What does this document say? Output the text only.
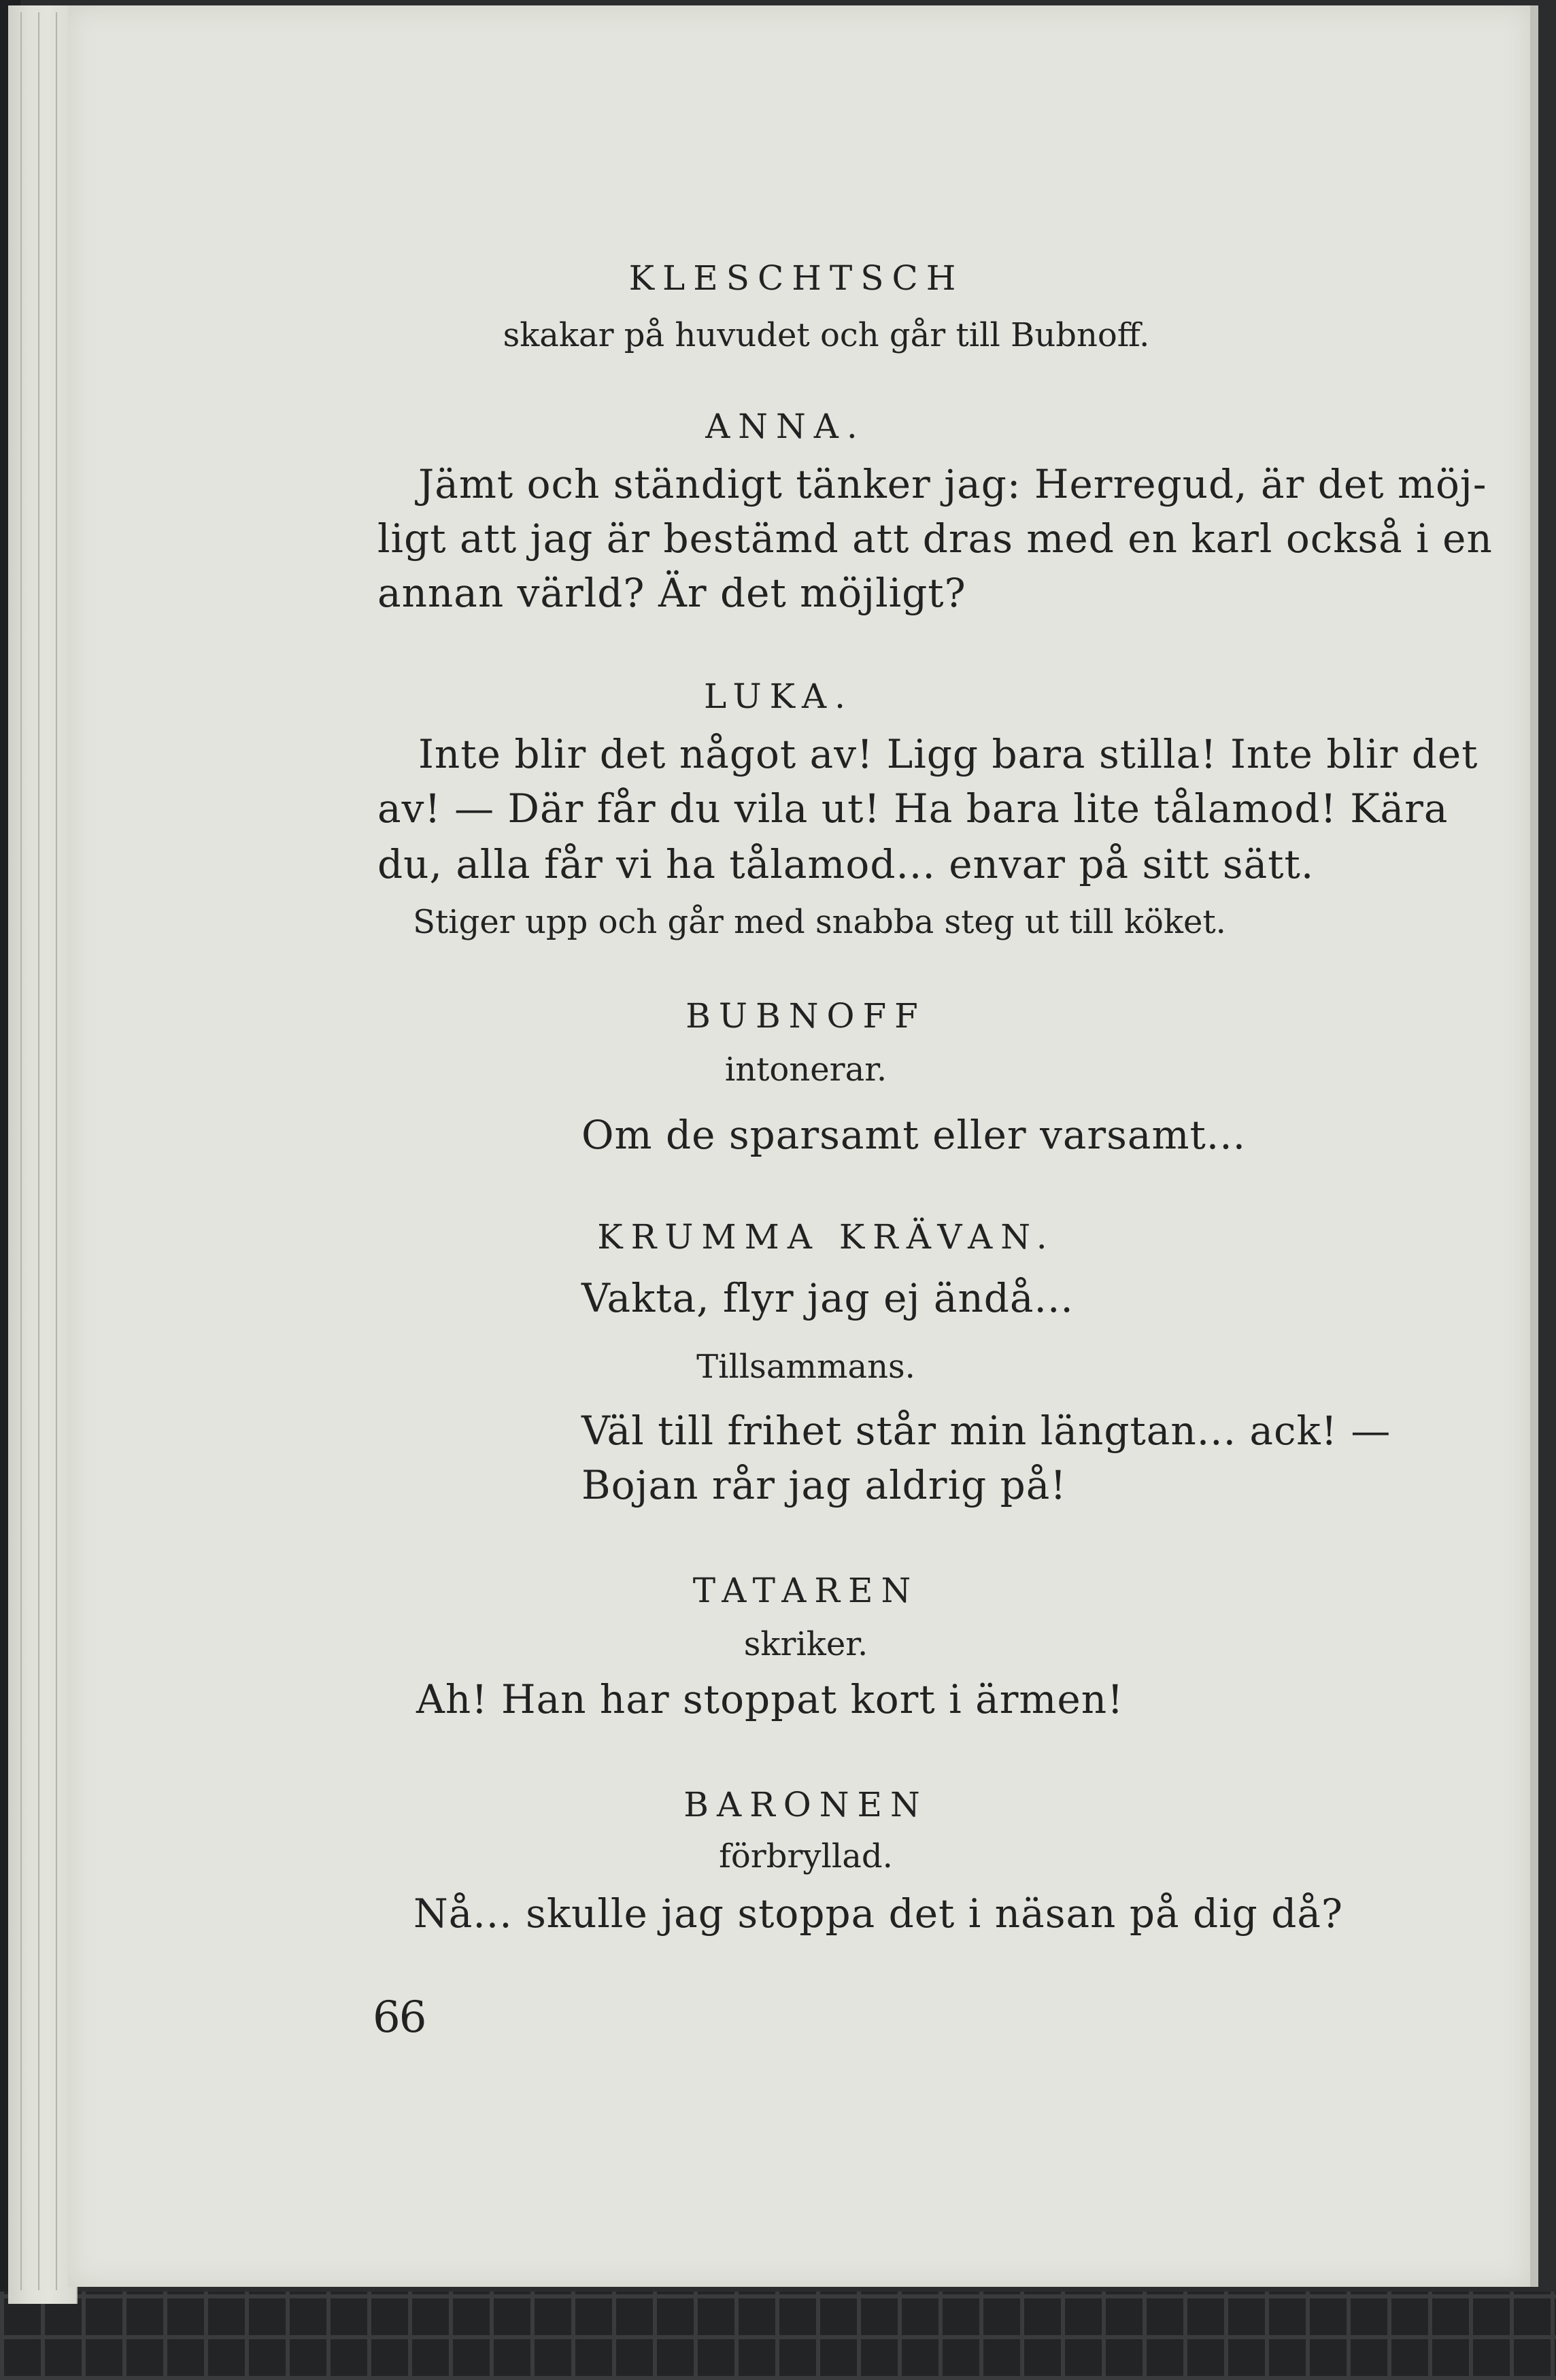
KLESCHTSCH
skakar på huvudet och går till Bubnoff.
ANNA.
Jämt och ständigt tänker jag: Herregud, är det möj-
ligt att jag är bestämd att dras med en karl också i en
annan värld? Är det möjligt?
LUKA.
Inte blir det något av! Ligg bara stilla! Inte blir det
av! — Där får du vila ut! Ha bara lite tålamod! Kära
du, alla får vi ha tålamod... envar på sitt sätt.
Stiger upp och går med snabba steg ut till köket.
BUBNOFF
intonerar.
Om de sparsamt eller varsamt...
KRUMMA KRÄVAN.
Vakta, flyr jag ej ändå...
Tillsammans.
Väl till frihet står min längtan... ack! —
Bojan rår jag aldrig på!
TATAREN
skriker.
Ah! Han har stoppat kort i ärmen!
BARONEN
förbryllad.
Nå... skulle jag stoppa det i näsan på dig då?
66
